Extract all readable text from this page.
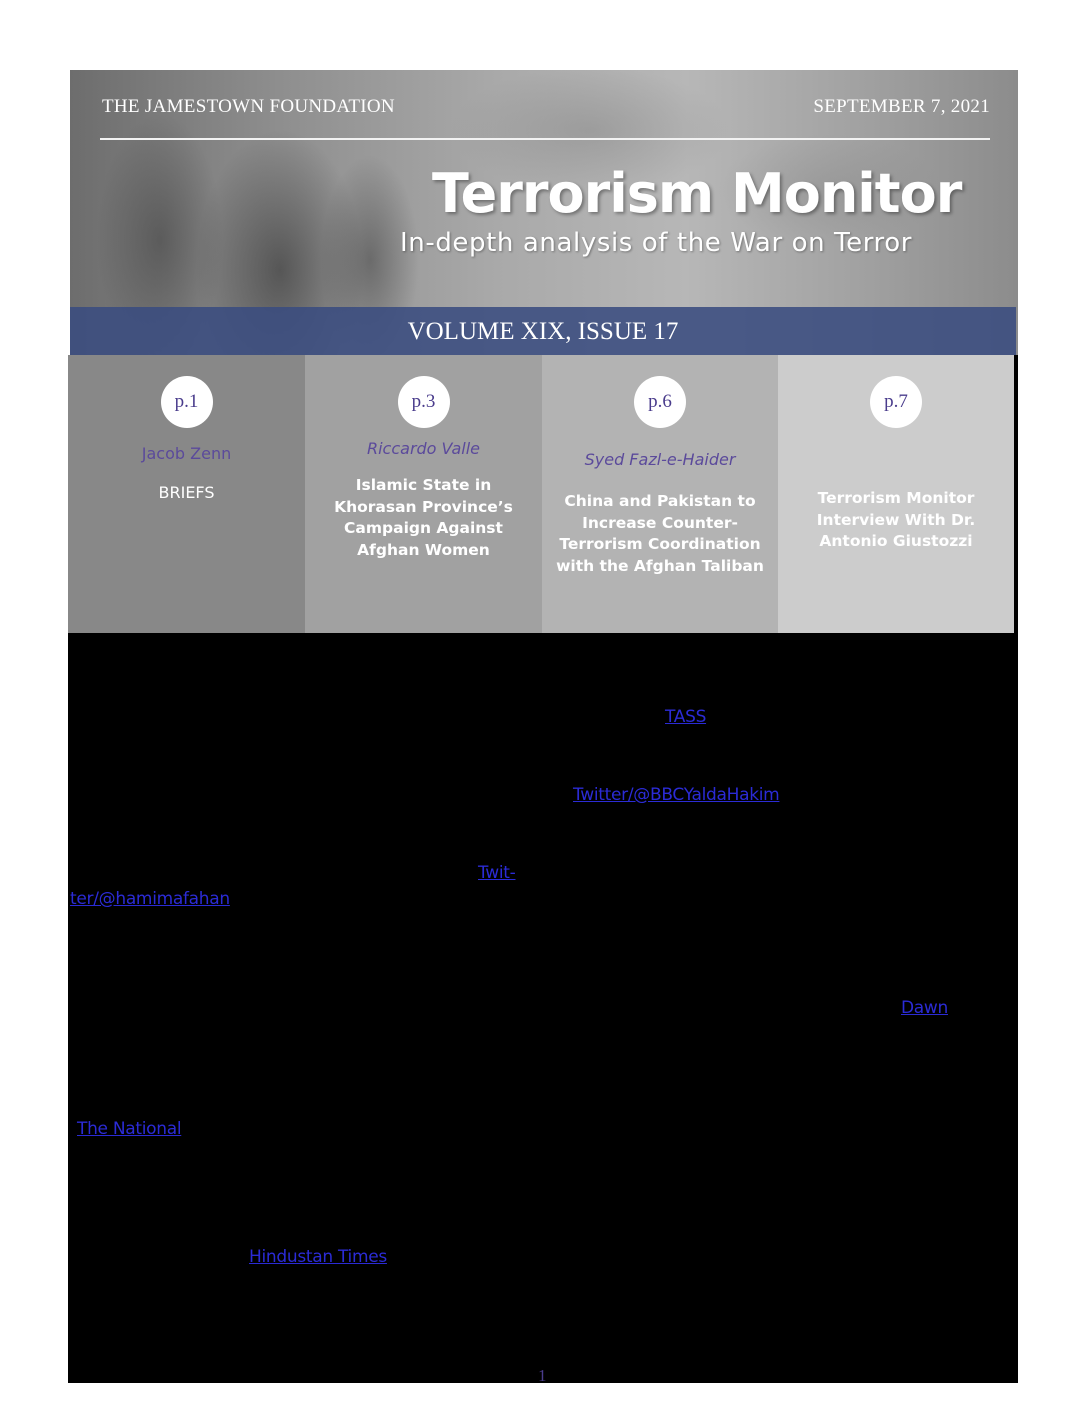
THE JAMESTOWN FOUNDATION	SEPTEMBER 7, 2021
Terrorism Monitor
In-depth analysis of the War on Terror
VOLUME XIX, ISSUE 17
p.1
Jacob Zenn
BRIEFS
p.3
Riccardo Valle
Islamic State in Khorasan Province’s Campaign Against Afghan Women
p.6
Syed Fazl-e-Haider
China and Pakistan to Increase Counter-Terrorism Coordination with the Afghan Taliban
p.7
Terrorism Monitor Interview With Dr. Antonio Giustozzi
TASS
Twitter/@BBCYaldaHakim
Twit-
ter/@hamimafahan
Dawn
The National
Hindustan Times
1
